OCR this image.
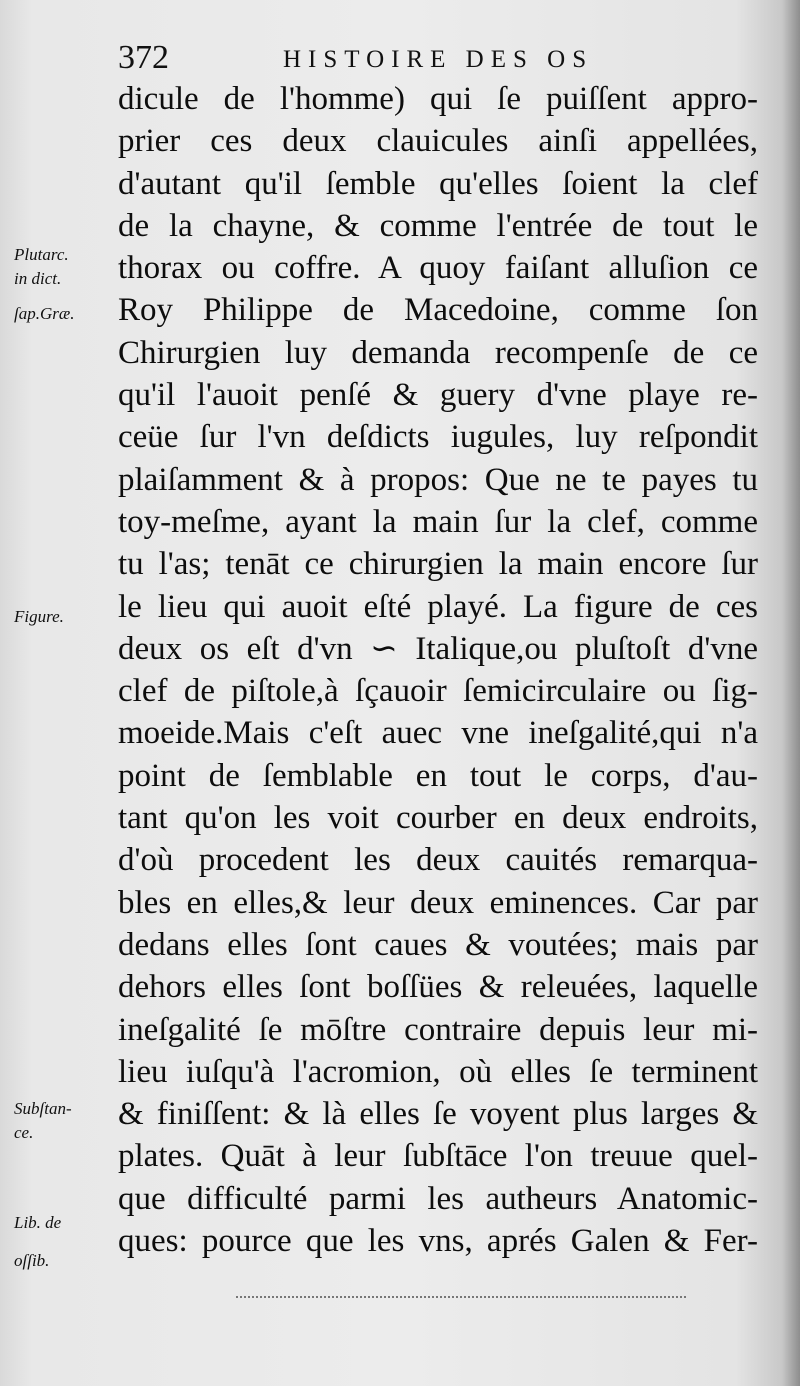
372	HISTOIRE DES OS
Plutarc.
in dict.
ſap.Græ.
Figure.
Subſtan-
ce.
Lib. de
oſſib.
dicule de l'homme) qui ſe puiſſent appro-
prier ces deux clauicules ainſi appellées,
d'autant qu'il ſemble qu'elles ſoient la clef
de la chayne, & comme l'entrée de tout le
thorax ou coffre. A quoy faiſant alluſion ce
Roy Philippe de Macedoine, comme ſon
Chirurgien luy demanda recompenſe de ce
qu'il l'auoit penſé & guery d'vne playe re-
ceüe ſur l'vn deſdicts iugules, luy reſpondit
plaiſamment & à propos: Que ne te payes tu
toy-meſme, ayant la main ſur la clef, comme
tu l'as; tenāt ce chirurgien la main encore ſur
le lieu qui auoit eſté playé. La figure de ces
deux os eſt d'vn ∽ Italique,ou pluſtoſt d'vne
clef de piſtole,à ſçauoir ſemicirculaire ou ſig-
moeide.Mais c'eſt auec vne ineſgalité,qui n'a
point de ſemblable en tout le corps, d'au-
tant qu'on les voit courber en deux endroits,
d'où procedent les deux cauités remarqua-
bles en elles,& leur deux eminences. Car par
dedans elles ſont caues & voutées; mais par
dehors elles ſont boſſües & releuées, laquelle
ineſgalité ſe mōſtre contraire depuis leur mi-
lieu iuſqu'à l'acromion, où elles ſe terminent
& finiſſent: & là elles ſe voyent plus larges &
plates. Quāt à leur ſubſtāce l'on treuue quel-
que difficulté parmi les autheurs Anatomic-
ques: pource que les vns, aprés Galen & Fer-
